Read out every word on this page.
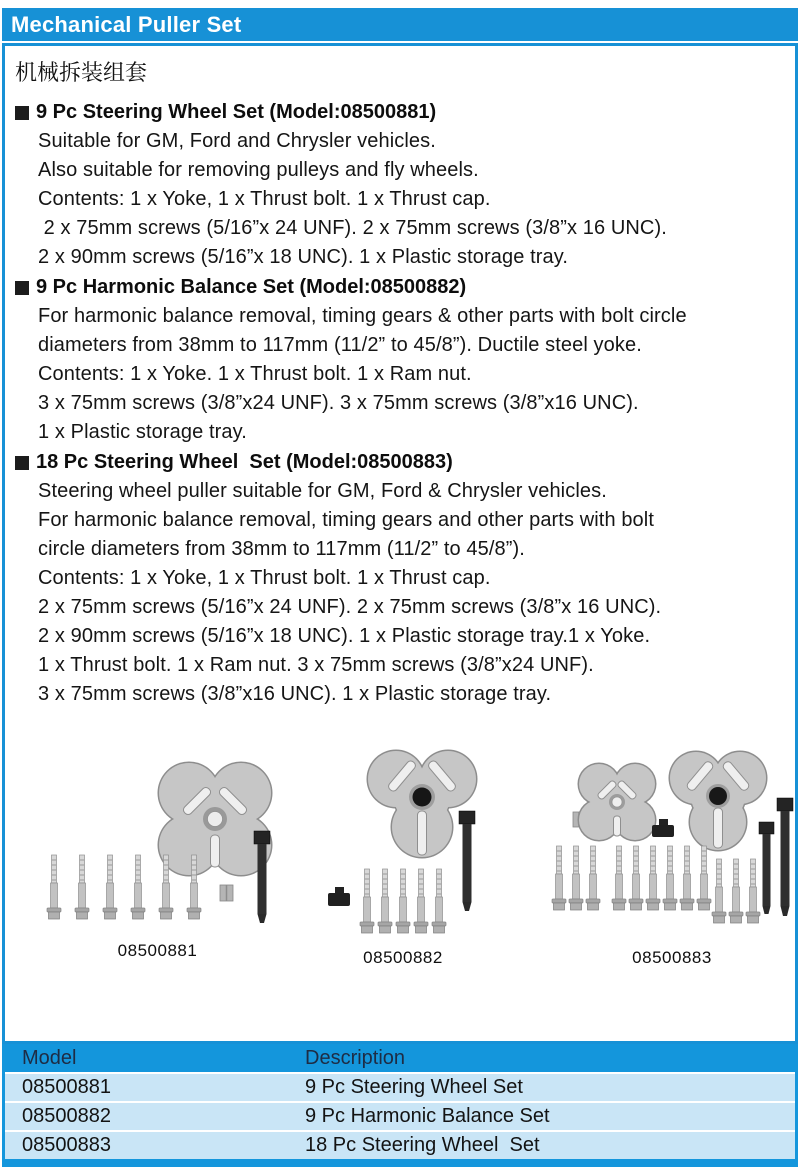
Mechanical Puller Set
机械拆装组套
9 Pc Steering Wheel Set (Model:08500881)

Suitable for GM, Ford and Chrysler vehicles.

Also suitable for removing pulleys and fly wheels.

Contents: 1 x Yoke, 1 x Thrust bolt. 1 x Thrust cap.

2 x 75mm screws (5/16”x 24 UNF). 2 x 75mm screws (3/8”x 16 UNC).

2 x 90mm screws (5/16”x 18 UNC). 1 x Plastic storage tray.

9 Pc Harmonic Balance Set (Model:08500882)

For harmonic balance removal, timing gears & other parts with bolt circle

diameters from 38mm to 117mm (11/2” to 45/8”). Ductile steel yoke.

Contents: 1 x Yoke. 1 x Thrust bolt. 1 x Ram nut.

3 x 75mm screws (3/8”x24 UNF). 3 x 75mm screws (3/8”x16 UNC).

1 x Plastic storage tray.

18 Pc Steering Wheel  Set (Model:08500883)

Steering wheel puller suitable for GM, Ford & Chrysler vehicles.

For harmonic balance removal, timing gears and other parts with bolt

circle diameters from 38mm to 117mm (11/2” to 45/8”).

Contents: 1 x Yoke, 1 x Thrust bolt. 1 x Thrust cap.

2 x 75mm screws (5/16”x 24 UNF). 2 x 75mm screws (3/8”x 16 UNC).

2 x 90mm screws (5/16”x 18 UNC). 1 x Plastic storage tray.1 x Yoke.

1 x Thrust bolt. 1 x Ram nut. 3 x 75mm screws (3/8”x24 UNF).

3 x 75mm screws (3/8”x16 UNC). 1 x Plastic storage tray.

08500881	08500882	08500883
Model	Description
08500881	9 Pc Steering Wheel Set
08500882	9 Pc Harmonic Balance Set
08500883	18 Pc Steering Wheel  Set
